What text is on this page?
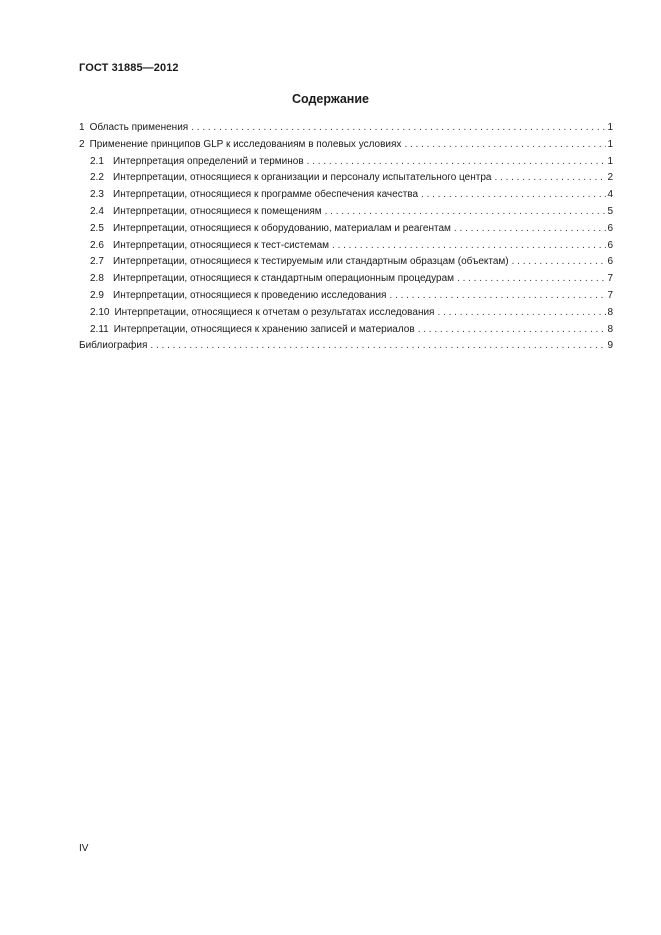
ГОСТ 31885—2012
Содержание
1 Область применения . . .	1
2 Применение принципов GLP к исследованиям в полевых условиях . . .	1
2.1 Интерпретация определений и терминов . . .	1
2.2 Интерпретации, относящиеся к организации и персоналу испытательного центра . . .	2
2.3 Интерпретации, относящиеся к программе обеспечения качества . . .	4
2.4 Интерпретации, относящиеся к помещениям . . .	5
2.5 Интерпретации, относящиеся к оборудованию, материалам и реагентам . . .	6
2.6 Интерпретации, относящиеся к тест-системам . . .	6
2.7 Интерпретации, относящиеся к тестируемым или стандартным образцам (объектам) . . .	6
2.8 Интерпретации, относящиеся к стандартным операционным процедурам . . .	7
2.9 Интерпретации, относящиеся к проведению исследования . . .	7
2.10 Интерпретации, относящиеся к отчетам о результатах исследования . . .	8
2.11 Интерпретации, относящиеся к хранению записей и материалов . . .	8
Библиография . . .	9
IV
